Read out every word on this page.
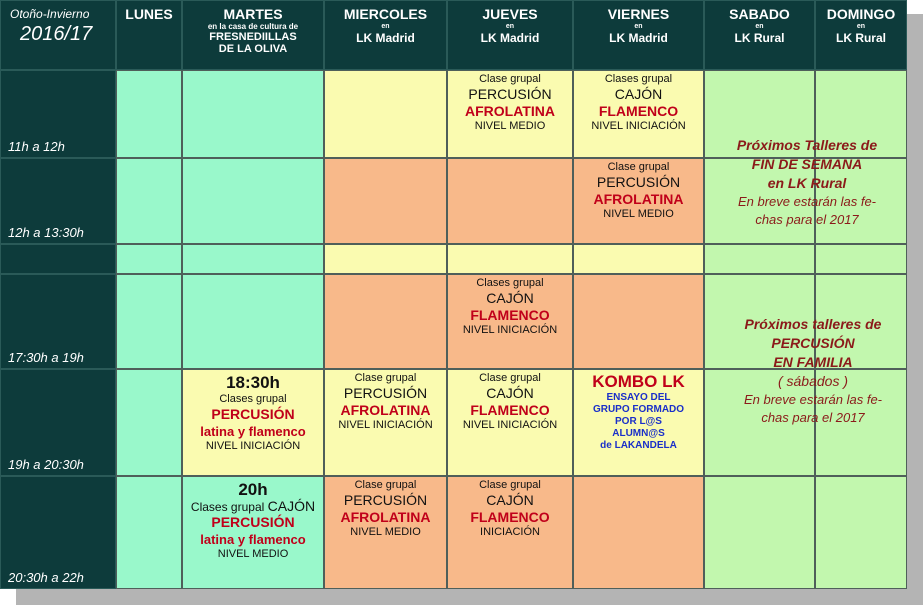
Otoño-Invierno
2016/17
LUNES	MARTES
en la casa de cultura de
FRESNEDIILLAS
DE LA OLIVA
MIERCOLES
en
LK Madrid
JUEVES
en
LK Madrid
VIERNES
en
LK Madrid
SABADO
en
LK Rural
DOMINGO
en
LK Rural
11h a 12h
12h a 13:30h
17:30h a 19h
19h a 20:30h
20:30h a 22h
Clase grupal
PERCUSIÓN
AFROLATINA
NIVEL MEDIO
Clases grupal
CAJÓN
FLAMENCO
NIVEL INICIACIÓN
Clase grupal
PERCUSIÓN
AFROLATINA
NIVEL MEDIO
Clases grupal
CAJÓN
FLAMENCO
NIVEL INICIACIÓN
18:30h
Clases grupal
PERCUSIÓN
latina y flamenco
NIVEL INICIACIÓN
Clase grupal
PERCUSIÓN
AFROLATINA
NIVEL INICIACIÓN
Clase grupal
CAJÓN
FLAMENCO
NIVEL INICIACIÓN
KOMBO LK
ENSAYO DEL
GRUPO FORMADO
POR L@S
ALUMN@S
de LAKANDELA
20h
Clases grupal CAJÓN
PERCUSIÓN
latina y flamenco
NIVEL MEDIO
Clase grupal
PERCUSIÓN
AFROLATINA
NIVEL MEDIO
Clase grupal
CAJÓN
FLAMENCO
INICIACIÓN
Próximos Talleres de
FIN DE SEMANA
en LK Rural
En breve estarán las fe-
chas para el 2017
Próximos talleres de
PERCUSIÓN
EN FAMILIA
( sábados )
En breve estarán las fe-
chas para el 2017
